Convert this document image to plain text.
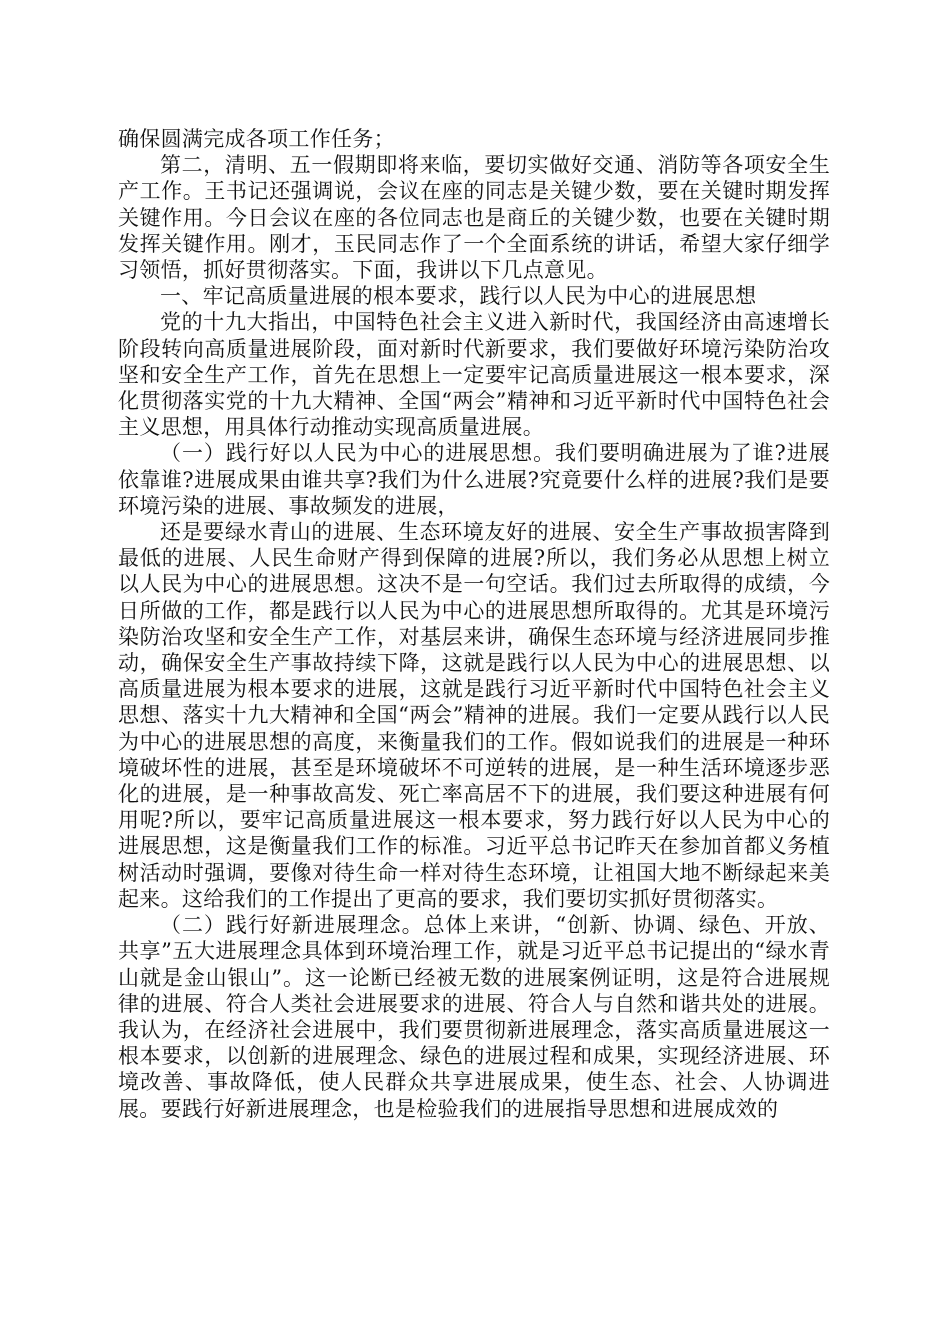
确保圆满完成各项工作任务；

第二，清明、五一假期即将来临，要切实做好交通、消防等各项安全生产工作。王书记还强调说，会议在座的同志是关键少数，要在关键时期发挥关键作用。今日会议在座的各位同志也是商丘的关键少数，也要在关键时期发挥关键作用。刚才，玉民同志作了一个全面系统的讲话，希望大家仔细学习领悟，抓好贯彻落实。下面，我讲以下几点意见。

一、牢记高质量进展的根本要求，践行以人民为中心的进展思想

党的十九大指出，中国特色社会主义进入新时代，我国经济由高速增长阶段转向高质量进展阶段，面对新时代新要求，我们要做好环境污染防治攻坚和安全生产工作，首先在思想上一定要牢记高质量进展这一根本要求，深化贯彻落实党的十九大精神、全国“两会”精神和习近平新时代中国特色社会主义思想，用具体行动推动实现高质量进展。

（一）践行好以人民为中心的进展思想。我们要明确进展为了谁?进展依靠谁?进展成果由谁共享?我们为什么进展?究竟要什么样的进展?我们是要环境污染的进展、事故频发的进展，

还是要绿水青山的进展、生态环境友好的进展、安全生产事故损害降到最低的进展、人民生命财产得到保障的进展?所以，我们务必从思想上树立以人民为中心的进展思想。这决不是一句空话。我们过去所取得的成绩，今日所做的工作，都是践行以人民为中心的进展思想所取得的。尤其是环境污染防治攻坚和安全生产工作，对基层来讲，确保生态环境与经济进展同步推动，确保安全生产事故持续下降，这就是践行以人民为中心的进展思想、以高质量进展为根本要求的进展，这就是践行习近平新时代中国特色社会主义思想、落实十九大精神和全国“两会”精神的进展。我们一定要从践行以人民为中心的进展思想的高度，来衡量我们的工作。假如说我们的进展是一种环境破坏性的进展，甚至是环境破坏不可逆转的进展，是一种生活环境逐步恶化的进展，是一种事故高发、死亡率高居不下的进展，我们要这种进展有何用呢?所以，要牢记高质量进展这一根本要求，努力践行好以人民为中心的进展思想，这是衡量我们工作的标准。习近平总书记昨天在参加首都义务植树活动时强调，要像对待生命一样对待生态环境，让祖国大地不断绿起来美起来。这给我们的工作提出了更高的要求，我们要切实抓好贯彻落实。

（二）践行好新进展理念。总体上来讲，“创新、协调、绿色、开放、共享”五大进展理念具体到环境治理工作，就是习近平总书记提出的“绿水青山就是金山银山”。这一论断已经被无数的进展案例证明，这是符合进展规律的进展、符合人类社会进展要求的进展、符合人与自然和谐共处的进展。我认为，在经济社会进展中，我们要贯彻新进展理念，落实高质量进展这一根本要求，以创新的进展理念、绿色的进展过程和成果，实现经济进展、环境改善、事故降低，使人民群众共享进展成果，使生态、社会、人协调进展。要践行好新进展理念，也是检验我们的进展指导思想和进展成效的
